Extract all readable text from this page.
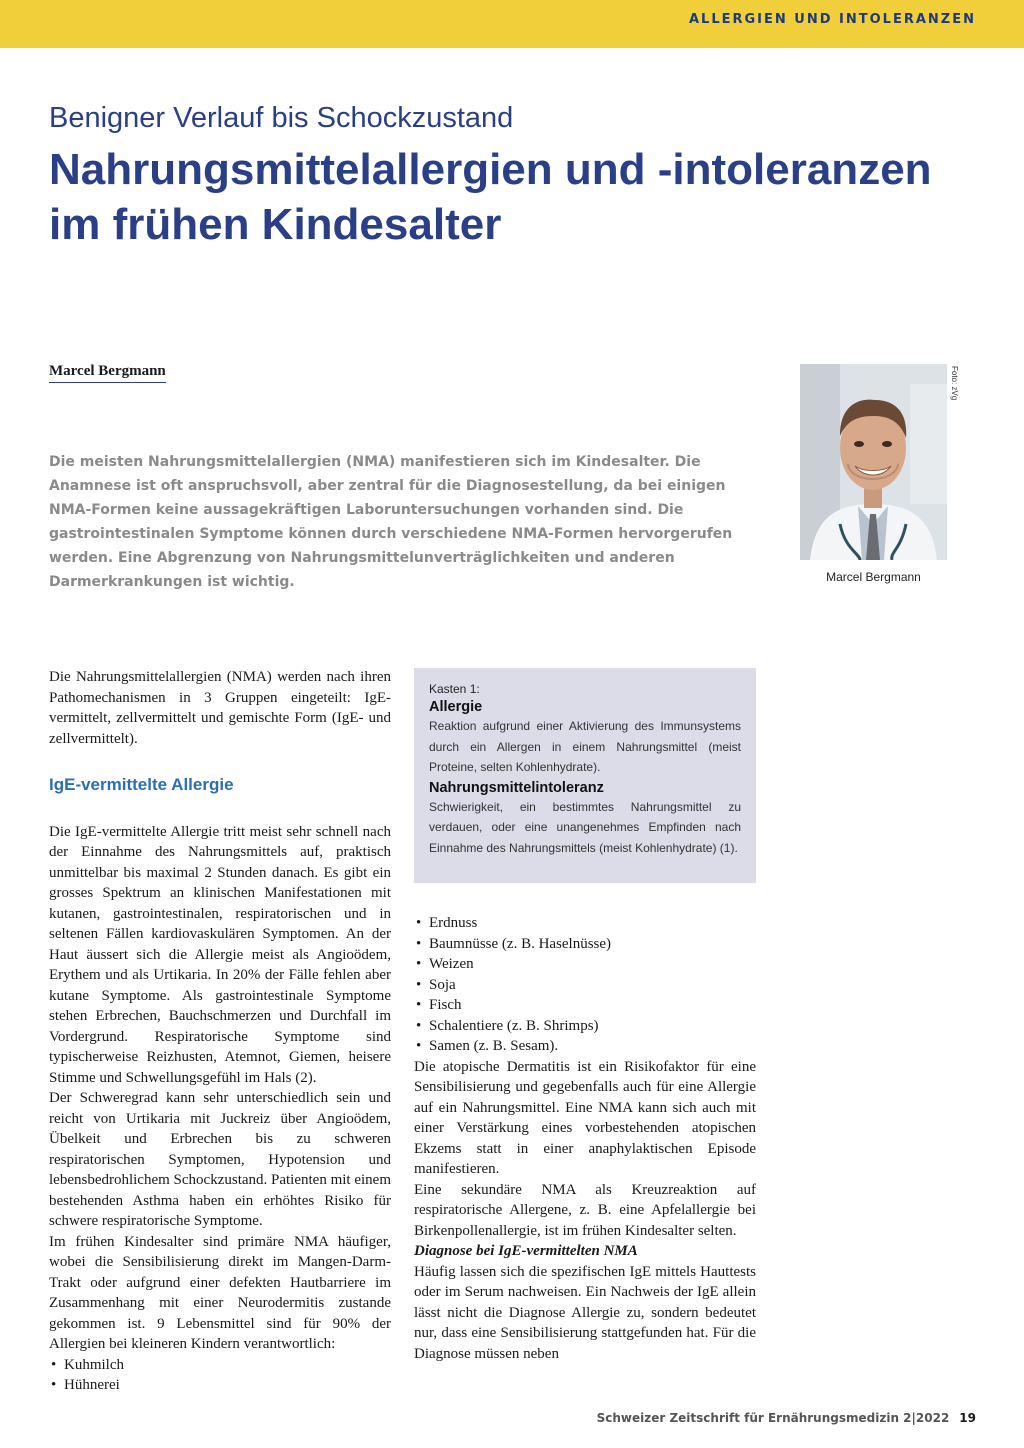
ALLERGIEN UND INTOLERANZEN
Benigner Verlauf bis Schockzustand
Nahrungsmittelallergien und -intoleranzen im frühen Kindesalter
Marcel Bergmann
Die meisten Nahrungsmittelallergien (NMA) manifestieren sich im Kindesalter. Die Anamnese ist oft anspruchsvoll, aber zentral für die Diagnosestellung, da bei einigen NMA-Formen keine aussagekräftigen Laboruntersuchungen vorhanden sind. Die gastrointestinalen Symptome können durch verschiedene NMA-Formen hervorgerufen werden. Eine Abgrenzung von Nahrungsmittelunverträglichkeiten und anderen Darmerkrankungen ist wichtig.
Foto: zVg
Marcel Bergmann

Die Nahrungsmittelallergien (NMA) werden nach ihren Pathomechanismen in 3 Gruppen eingeteilt: IgE-vermittelt, zellvermittelt und gemischte Form (IgE- und zellvermittelt).

IgE-vermittelte Allergie

Die IgE-vermittelte Allergie tritt meist sehr schnell nach der Einnahme des Nahrungsmittels auf, praktisch unmittelbar bis maximal 2 Stunden danach. Es gibt ein grosses Spektrum an klinischen Manifestationen mit kutanen, gastrointestinalen, respiratorischen und in seltenen Fällen kardiovaskulären Symptomen. An der Haut äussert sich die Allergie meist als Angioödem, Erythem und als Urtikaria. In 20% der Fälle fehlen aber kutane Symptome. Als gastrointestinale Symptome stehen Erbrechen, Bauchschmerzen und Durchfall im Vordergrund. Respiratorische Symptome sind typischerweise Reizhusten, Atemnot, Giemen, heisere Stimme und Schwellungsgefühl im Hals (2).

Der Schweregrad kann sehr unterschiedlich sein und reicht von Urtikaria mit Juckreiz über Angioödem, Übelkeit und Erbrechen bis zu schweren respiratorischen Symptomen, Hypotension und lebensbedrohlichem Schockzustand. Patienten mit einem bestehenden Asthma haben ein erhöhtes Risiko für schwere respiratorische Symptome.

Im frühen Kindesalter sind primäre NMA häufiger, wobei die Sensibilisierung direkt im Mangen-Darm-Trakt oder aufgrund einer defekten Hautbarriere im Zusammenhang mit einer Neurodermitis zustande gekommen ist. 9 Lebensmittel sind für 90% der Allergien bei kleineren Kindern verantwortlich:

• Kuhmilch
• Hühnerei
Kasten 1:
Allergie
Reaktion aufgrund einer Aktivierung des Immunsystems durch ein Allergen in einem Nahrungsmittel (meist Proteine, selten Kohlenhydrate).
Nahrungsmittelintoleranz
Schwierigkeit, ein bestimmtes Nahrungsmittel zu verdauen, oder eine unangenehmes Empfinden nach Einnahme des Nahrungsmittels (meist Kohlenhydrate) (1).
• Erdnuss
• Baumnüsse (z. B. Haselnüsse)
• Weizen
• Soja
• Fisch
• Schalentiere (z. B. Shrimps)
• Samen (z. B. Sesam).

Die atopische Dermatitis ist ein Risikofaktor für eine Sensibilisierung und gegebenfalls auch für eine Allergie auf ein Nahrungsmittel. Eine NMA kann sich auch mit einer Verstärkung eines vorbestehenden atopischen Ekzems statt in einer anaphylaktischen Episode manifestieren.

Eine sekundäre NMA als Kreuzreaktion auf respiratorische Allergene, z. B. eine Apfelallergie bei Birkenpollenallergie, ist im frühen Kindesalter selten.

Diagnose bei IgE-vermittelten NMA

Häufig lassen sich die spezifischen IgE mittels Hauttests oder im Serum nachweisen. Ein Nachweis der IgE allein lässt nicht die Diagnose Allergie zu, sondern bedeutet nur, dass eine Sensibilisierung stattgefunden hat. Für die Diagnose müssen neben

Schweizer Zeitschrift für Ernährungsmedizin 2|2022 19
